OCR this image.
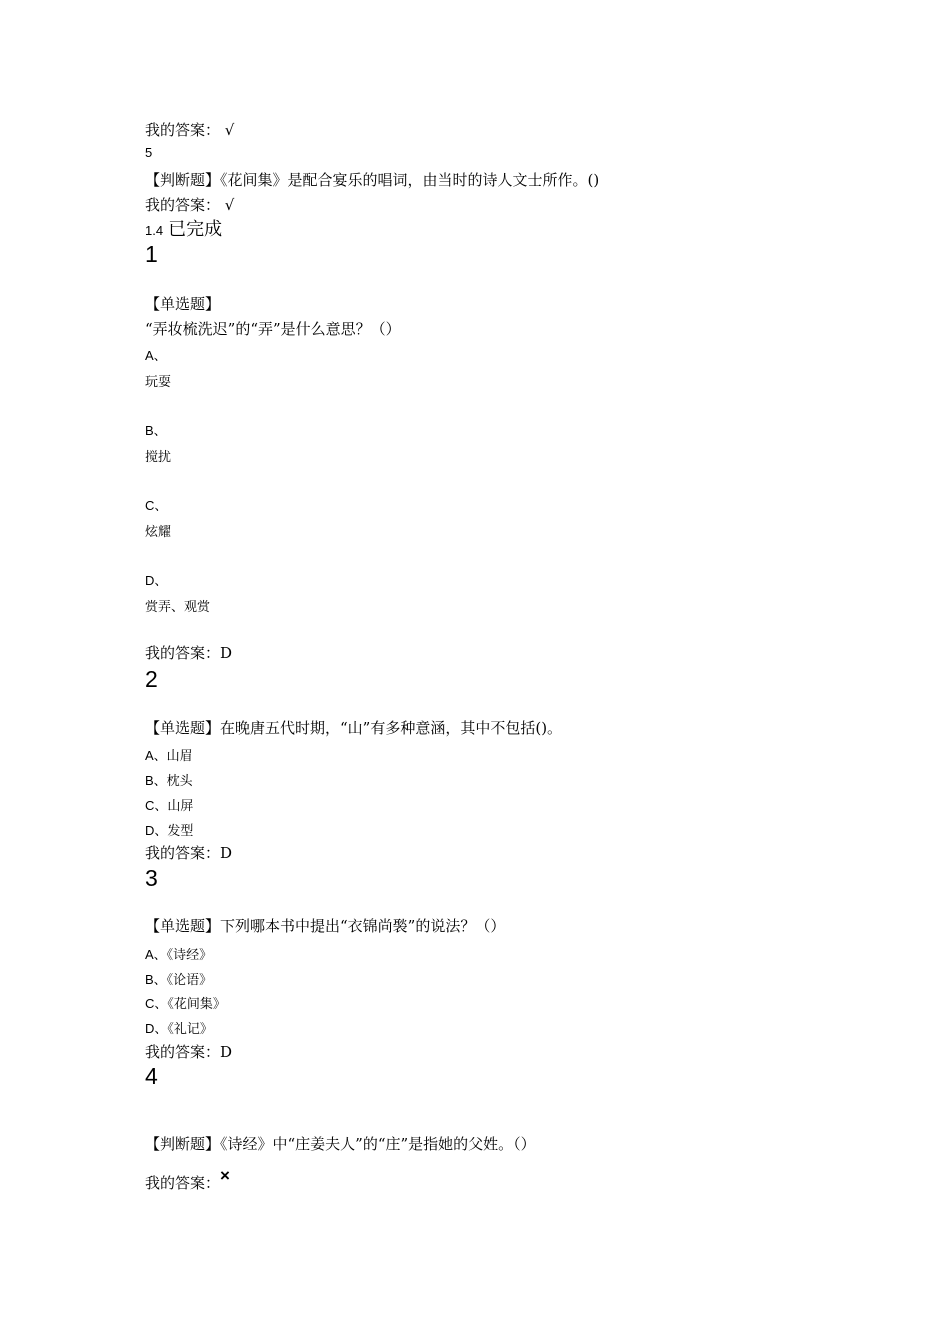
我的答案： √
5
【判断题】《花间集》是配合宴乐的唱词，由当时的诗人文士所作。()
我的答案： √
1.4 已完成
1
【单选题】
“弄妆梳洗迟”的“弄”是什么意思？（）
A、
玩耍
B、
搅扰
C、
炫耀
D、
赏弄、观赏
我的答案：D
2
【单选题】在晚唐五代时期，“山”有多种意涵，其中不包括()。
A、山眉
B、枕头
C、山屏
D、发型
我的答案：D
3
【单选题】下列哪本书中提出“衣锦尚褧”的说法？（）
A、《诗经》
B、《论语》
C、《花间集》
D、《礼记》
我的答案：D
4
【判断题】《诗经》中“庄姜夫人”的“庄”是指她的父姓。（）
我的答案：×
